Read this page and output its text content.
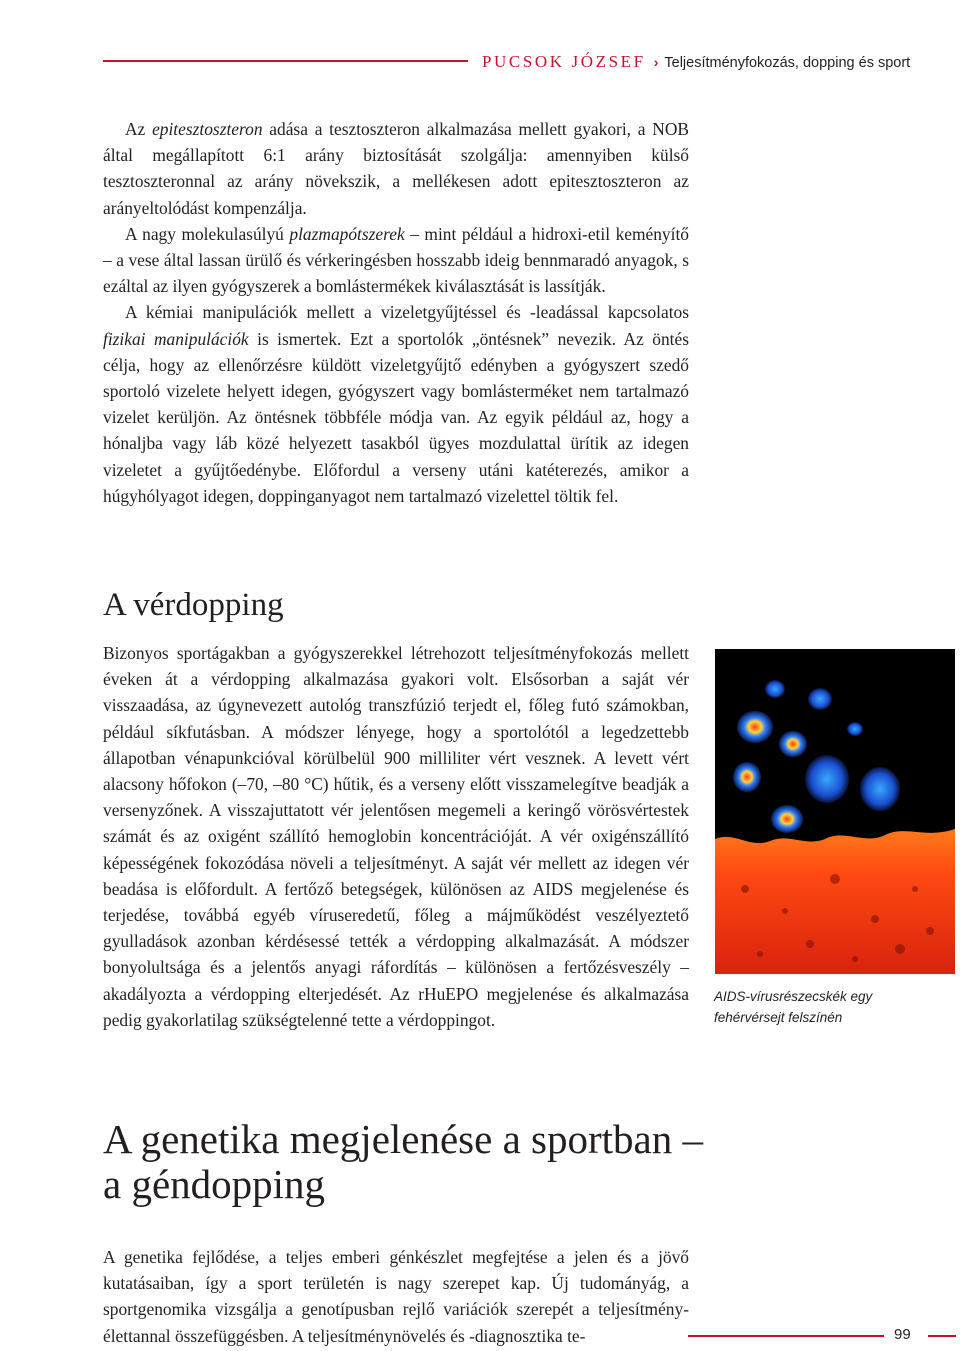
PUCSOK JÓZSEF › Teljesítményfokozás, dopping és sport

Az epitesztoszteron adása a tesztoszteron alkalmazása mellett gyakori, a NOB által megállapított 6:1 arány biztosítását szolgálja: amennyiben külső tesztoszteronnal az arány növekszik, a mellékesen adott epitesztoszteron az arányeltolódást kompenzálja.

A nagy molekulasúlyú plazmapótszerek – mint például a hidroxi-etil keményítő – a vese által lassan ürülő és vérkeringésben hosszabb ideig bennmaradó anyagok, s ezáltal az ilyen gyógyszerek a bomlástermékek kiválasztását is lassítják.

A kémiai manipulációk mellett a vizeletgyűjtéssel és -leadással kapcsolatos fizikai manipulációk is ismertek. Ezt a sportolók „öntésnek” nevezik. Az öntés célja, hogy az ellenőrzésre küldött vizeletgyűjtő edényben a gyógyszert szedő sportoló vizelete helyett idegen, gyógyszert vagy bomlásterméket nem tartalmazó vizelet kerüljön. Az öntésnek többféle módja van. Az egyik például az, hogy a hónaljba vagy láb közé helyezett tasakból ügyes mozdulattal ürítik az idegen vizeletet a gyűjtőedénybe. Előfordul a verseny utáni katéterezés, amikor a húgyhólyagot idegen, doppinganyagot nem tartalmazó vizelettel töltik fel.

A vérdopping

Bizonyos sportágakban a gyógyszerekkel létrehozott teljesítményfokozás mellett éveken át a vérdopping alkalmazása gyakori volt. Elsősorban a saját vér visszaadása, az úgynevezett autológ transzfúzió terjedt el, főleg futó számokban, például síkfutásban. A módszer lényege, hogy a sportolótól a legedzettebb állapotban vénapunkcióval körülbelül 900 milliliter vért vesznek. A levett vért alacsony hőfokon (–70, –80 °C) hűtik, és a verseny előtt visszamelegítve beadják a versenyzőnek. A visszajuttatott vér jelentősen megemeli a keringő vörösvértestek számát és az oxigént szállító hemoglobin koncentrációját. A vér oxigénszállító képességének fokozódása növeli a teljesítményt. A saját vér mellett az idegen vér beadása is előfordult. A fertőző betegségek, különösen az AIDS megjelenése és terjedése, továbbá egyéb víruseredetű, főleg a májműködést veszélyeztető gyulladások azonban kérdésessé tették a vérdopping alkalmazását. A módszer bonyolultsága és a jelentős anyagi ráfordítás – különösen a fertőzésveszély – akadályozta a vérdopping elterjedését. Az rHuEPO megjelenése és alkalmazása pedig gyakorlatilag szükségtelenné tette a vérdoppingot.

AIDS-vírusrészecskék egy fehérvérsejt felszínén
A genetika megjelenése a sportban –
a géndopping

A genetika fejlődése, a teljes emberi génkészlet megfejtése a jelen és a jövő kutatásaiban, így a sport területén is nagy szerepet kap. Új tudományág, a sportgenomika vizsgálja a genotípusban rejlő variációk szerepét a teljesítmény-élettannal összefüggésben. A teljesítménynövelés és -diagnosztika te-	99
